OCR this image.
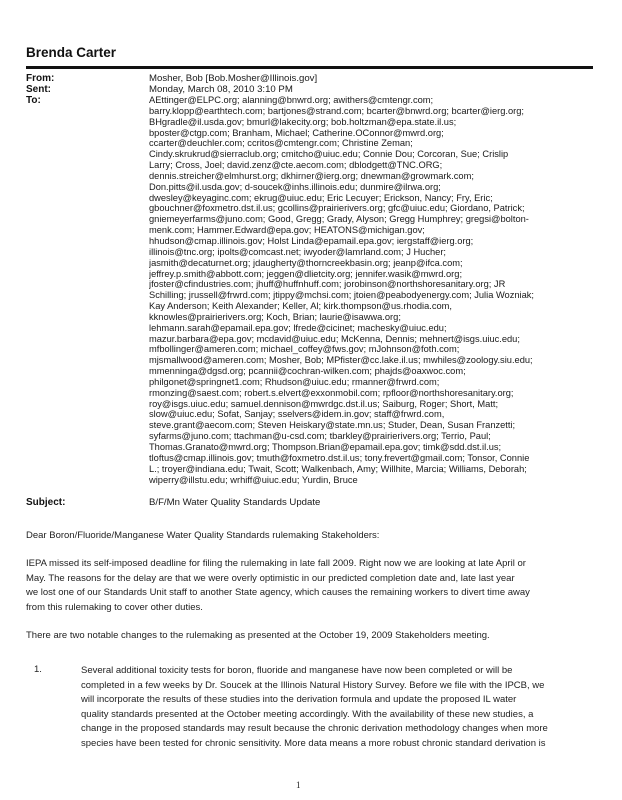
Brenda Carter
From:	Mosher, Bob [Bob.Mosher@Illinois.gov]
Sent:	Monday, March 08, 2010 3:10 PM
To:	AEttinger@ELPC.org; alanning@bnwrd.org; awithers@cmtengr.com;
barry.klopp@earthtech.com; bartjones@strand.com; bcarter@bnwrd.org; bcarter@ierg.org;
BHgradle@il.usda.gov; bmurl@lakecity.org; bob.holtzman@epa.state.il.us;
bposter@ctgp.com; Branham, Michael; Catherine.OConnor@mwrd.org;
ccarter@deuchler.com; ccritos@cmtengr.com; Christine Zeman;
Cindy.skrukrud@sierraclub.org; cmitcho@uiuc.edu; Connie Dou; Corcoran, Sue; Crislip
Larry; Cross, Joel; david.zenz@cte.aecom.com; dblodgett@TNC.ORG;
dennis.streicher@elmhurst.org; dkhirner@ierg.org; dnewman@growmark.com;
Don.pitts@il.usda.gov; d-soucek@inhs.illinois.edu; dunmire@ilrwa.org;
dwesley@keyaginc.com; ekrug@uiuc.edu; Eric Lecuyer; Erickson, Nancy; Fry, Eric;
gbouchner@foxmetro.dst.il.us; gcollins@prairierivers.org; gfc@uiuc.edu; Giordano, Patrick;
gniemeyerfarms@juno.com; Good, Gregg; Grady, Alyson; Gregg Humphrey; gregsi@bolton-
menk.com; Hammer.Edward@epa.gov; HEATONS@michigan.gov;
hhudson@cmap.illinois.gov; Holst Linda@epamail.epa.gov; iergstaff@ierg.org;
illinois@tnc.org; ipolts@comcast.net; iwyoder@lamrland.com; J Hucher;
jasmith@decaturnet.org; jdaugherty@thorncreekbasin.org; jeanp@ifca.com;
jeffrey.p.smith@abbott.com; jeggen@dlietcity.org; jennifer.wasik@mwrd.org;
jfoster@cfindustries.com; jhuff@huffnhuff.com; jorobinson@northshoresanitary.org; JR
Schilling; jrussell@frwrd.com; jtippy@mchsi.com; jtoien@peabodyenergy.com; Julia Wozniak;
Kay Anderson; Keith Alexander; Keller, Al; kirk.thompson@us.rhodia.com,
kknowles@prairierivers.org; Koch, Brian; laurie@isawwa.org;
lehmann.sarah@epamail.epa.gov; lfrede@cicinet; machesky@uiuc.edu;
mazur.barbara@epa.gov; mcdavid@uiuc.edu; McKenna, Dennis; mehnert@isgs.uiuc.edu;
mfbollinger@ameren.com; michael_coffey@fws.gov; mJohnson@foth.com;
mjsmallwood@ameren.com; Mosher, Bob; MPfister@cc.lake.il.us; mwhiles@zoology.siu.edu;
mmenninga@dgsd.org; pcannii@cochran-wilken.com; phajds@oaxwoc.com;
philgonet@springnet1.com; Rhudson@uiuc.edu; rmanner@frwrd.com;
rmonzing@saest.com; robert.s.elvert@exxonmobil.com; rpfloor@northshoresanitary.org;
roy@isgs.uiuc.edu; samuel.dennison@mwrdgc.dst.il.us; Saiburg, Roger; Short, Matt;
slow@uiuc.edu; Sofat, Sanjay; sselvers@idem.in.gov; staff@frwrd.com,
steve.grant@aecom.com; Steven Heiskary@state.mn.us; Studer, Dean, Susan Franzetti;
syfarms@juno.com; ttachman@u-csd.com; tbarkley@prairierivers.org; Terrio, Paul;
Thomas.Granato@mwrd.org; Thompson.Brian@epamail.epa.gov; timk@sdd.dst.il.us;
tloftus@cmap.illinois.gov; tmuth@foxmetro.dst.il.us; tony.frevert@gmail.com; Tonsor, Connie
L.; troyer@indiana.edu; Twait, Scott; Walkenbach, Amy; Willhite, Marcia; Williams, Deborah;
wiperry@illstu.edu; wrhiff@uiuc.edu; Yurdin, Bruce
Subject:	B/F/Mn Water Quality Standards Update
Dear Boron/Fluoride/Manganese Water Quality Standards rulemaking Stakeholders:
IEPA missed its self-imposed deadline for filing the rulemaking in late fall 2009. Right now we are looking at late April or
May. The reasons for the delay are that we were overly optimistic in our predicted completion date and, late last year
we lost one of our Standards Unit staff to another State agency, which causes the remaining workers to divert time away
from this rulemaking to cover other duties.
There are two notable changes to the rulemaking as presented at the October 19, 2009 Stakeholders meeting.
1.	Several additional toxicity tests for boron, fluoride and manganese have now been completed or will be
completed in a few weeks by Dr. Soucek at the Illinois Natural History Survey. Before we file with the IPCB, we
will incorporate the results of these studies into the derivation formula and update the proposed IL water
quality standards presented at the October meeting accordingly. With the availability of these new studies, a
change in the proposed standards may result because the chronic derivation methodology changes when more
species have been tested for chronic sensitivity. More data means a more robust chronic standard derivation is
1
